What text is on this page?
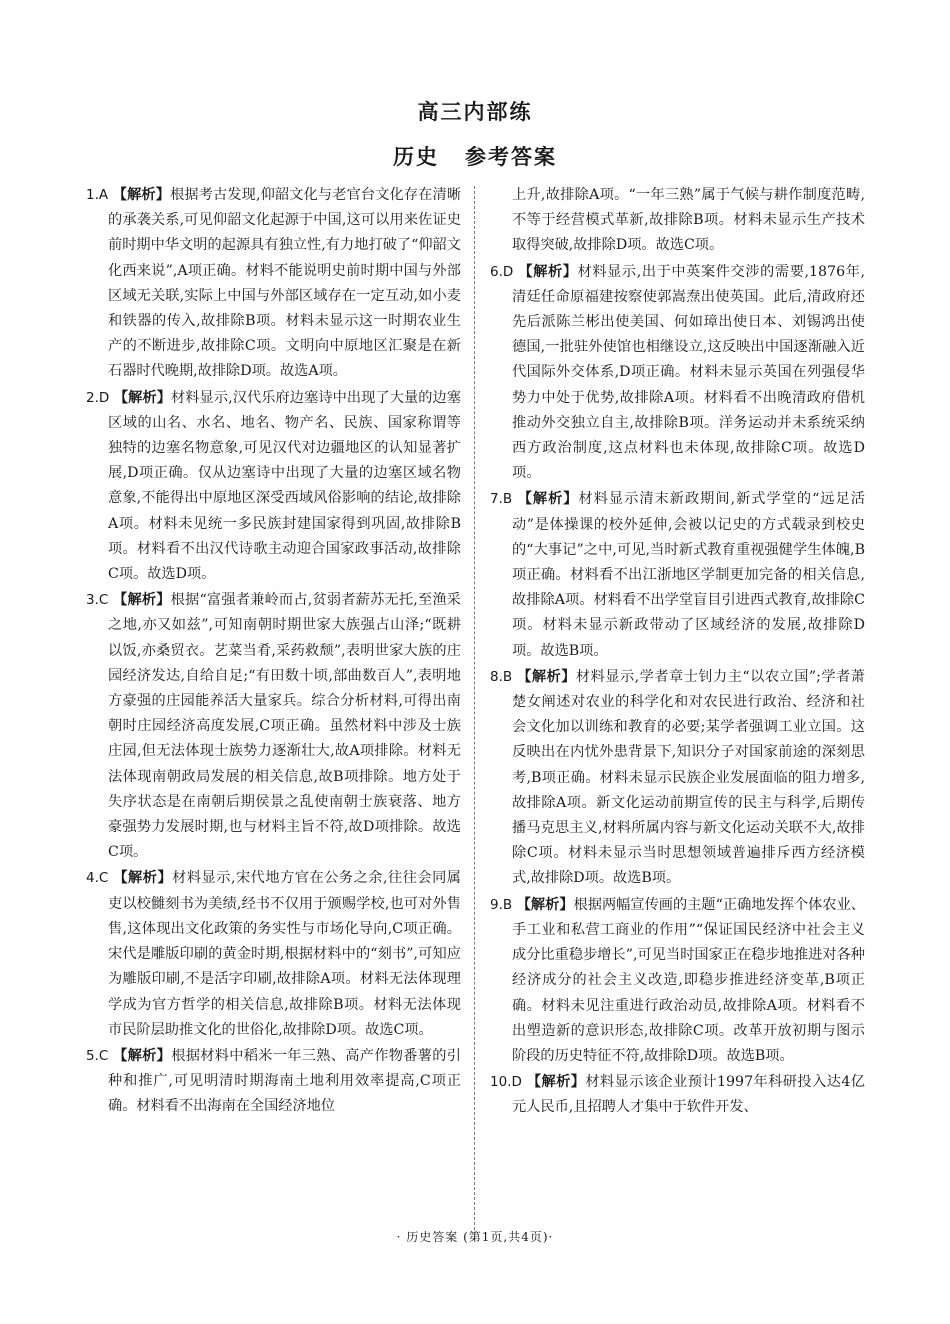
高三内部练
历史 参考答案

1.A 【解析】根据考古发现,仰韶文化与老官台文化存在清晰的承袭关系,可见仰韶文化起源于中国,这可以用来佐证史前时期中华文明的起源具有独立性,有力地打破了“仰韶文化西来说”,A项正确。材料不能说明史前时期中国与外部区域无关联,实际上中国与外部区域存在一定互动,如小麦和铁器的传入,故排除B项。材料未显示这一时期农业生产的不断进步,故排除C项。文明向中原地区汇聚是在新石器时代晚期,故排除D项。故选A项。

2.D 【解析】材料显示,汉代乐府边塞诗中出现了大量的边塞区域的山名、水名、地名、物产名、民族、国家称谓等独特的边塞名物意象,可见汉代对边疆地区的认知显著扩展,D项正确。仅从边塞诗中出现了大量的边塞区域名物意象,不能得出中原地区深受西域风俗影响的结论,故排除A项。材料未见统一多民族封建国家得到巩固,故排除B项。材料看不出汉代诗歌主动迎合国家政事活动,故排除C项。故选D项。

3.C 【解析】根据“富强者兼岭而占,贫弱者薪苏无托,至渔采之地,亦又如兹”,可知南朝时期世家大族强占山泽;“既耕以饭,亦桑贸衣。艺菜当肴,采药救颓”,表明世家大族的庄园经济发达,自给自足;“有田数十顷,部曲数百人”,表明地方豪强的庄园能养活大量家兵。综合分析材料,可得出南朝时庄园经济高度发展,C项正确。虽然材料中涉及士族庄园,但无法体现士族势力逐渐壮大,故A项排除。材料无法体现南朝政局发展的相关信息,故B项排除。地方处于失序状态是在南朝后期侯景之乱使南朝士族衰落、地方豪强势力发展时期,也与材料主旨不符,故D项排除。故选C项。

4.C 【解析】材料显示,宋代地方官在公务之余,往往会同属吏以校雠刻书为美绩,经书不仅用于颁赐学校,也可对外售售,这体现出文化政策的务实性与市场化导向,C项正确。宋代是雕版印刷的黄金时期,根据材料中的“刻书”,可知应为雕版印刷,不是活字印刷,故排除A项。材料无法体现理学成为官方哲学的相关信息,故排除B项。材料无法体现市民阶层助推文化的世俗化,故排除D项。故选C项。

5.C 【解析】根据材料中稻米一年三熟、高产作物番薯的引种和推广,可见明清时期海南土地利用效率提高,C项正确。材料看不出海南在全国经济地位

上升,故排除A项。“一年三熟”属于气候与耕作制度范畴,不等于经营模式革新,故排除B项。材料未显示生产技术取得突破,故排除D项。故选C项。

6.D 【解析】材料显示,出于中英案件交涉的需要,1876年,清廷任命原福建按察使郭嵩焘出使英国。此后,清政府还先后派陈兰彬出使美国、何如璋出使日本、刘锡鸿出使德国,一批驻外使馆也相继设立,这反映出中国逐渐融入近代国际外交体系,D项正确。材料未显示英国在列强侵华势力中处于优势,故排除A项。材料看不出晚清政府借机推动外交独立自主,故排除B项。洋务运动并未系统采纳西方政治制度,这点材料也未体现,故排除C项。故选D项。

7.B 【解析】材料显示清末新政期间,新式学堂的“远足活动”是体操课的校外延伸,会被以记史的方式载录到校史的“大事记”之中,可见,当时新式教育重视强健学生体魄,B项正确。材料看不出江浙地区学制更加完备的相关信息,故排除A项。材料看不出学堂盲目引进西式教育,故排除C项。材料未显示新政带动了区域经济的发展,故排除D项。故选B项。

8.B 【解析】材料显示,学者章士钊力主“以农立国”;学者萧楚女阐述对农业的科学化和对农民进行政治、经济和社会文化加以训练和教育的必要;某学者强调工业立国。这反映出在内忧外患背景下,知识分子对国家前途的深刻思考,B项正确。材料未显示民族企业发展面临的阻力增多,故排除A项。新文化运动前期宣传的民主与科学,后期传播马克思主义,材料所属内容与新文化运动关联不大,故排除C项。材料未显示当时思想领域普遍排斥西方经济模式,故排除D项。故选B项。

9.B 【解析】根据两幅宣传画的主题“正确地发挥个体农业、手工业和私营工商业的作用”“保证国民经济中社会主义成分比重稳步增长”,可见当时国家正在稳步地推进对各种经济成分的社会主义改造,即稳步推进经济变革,B项正确。材料未见注重进行政治动员,故排除A项。材料看不出塑造新的意识形态,故排除C项。改革开放初期与图示阶段的历史特征不符,故排除D项。故选B项。

10.D 【解析】材料显示该企业预计1997年科研投入达4亿元人民币,且招聘人才集中于软件开发、

· 历史答案 (第1页,共4页)·
